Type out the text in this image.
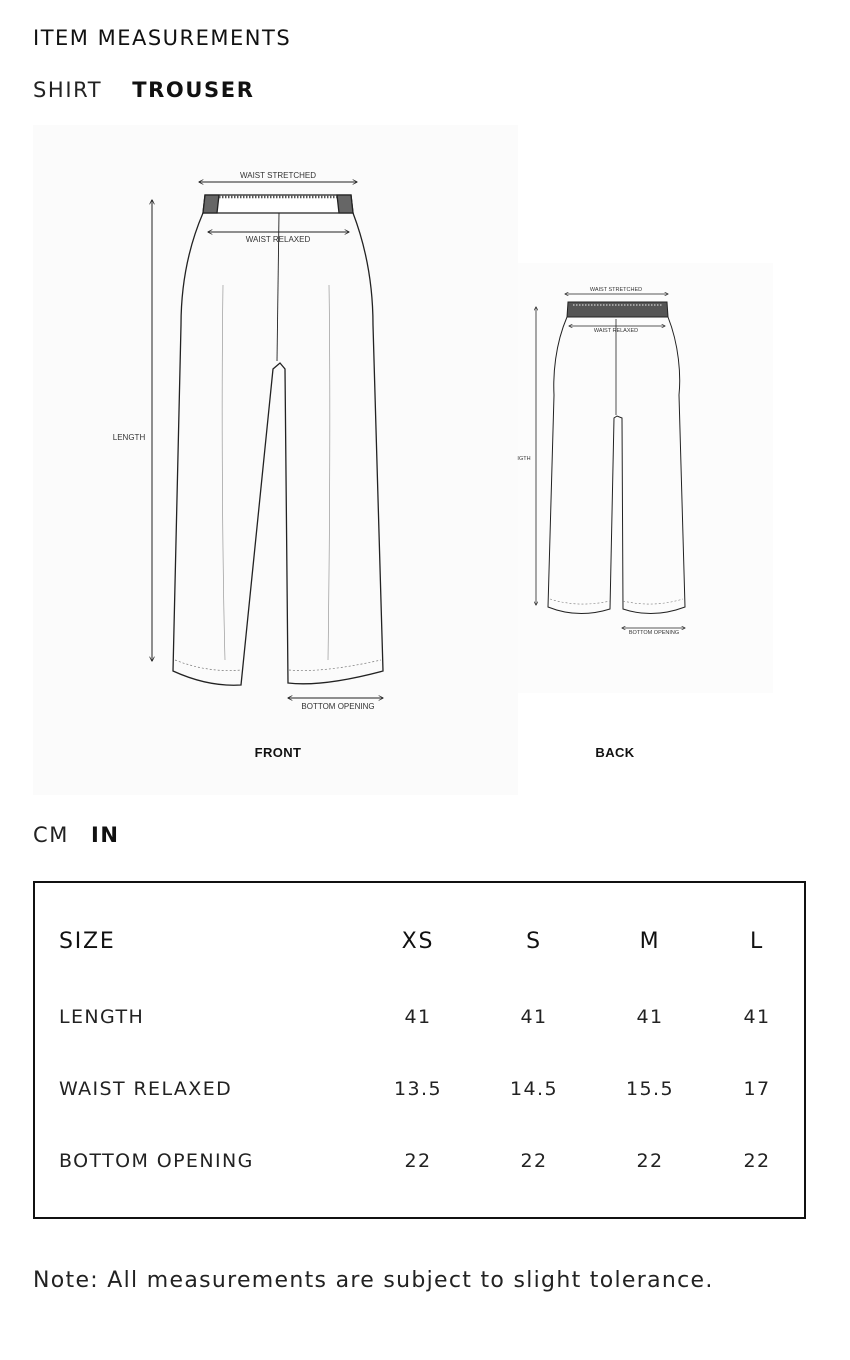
ITEM MEASUREMENTS
SHIRT TROUSER
WAIST STRETCHED
WAIST RELAXED
LENGTH
BOTTOM OPENING
FRONT
WAIST STRETCHED
WAIST RELAXED
IGTH
BOTTOM OPENING
BACK
CM IN
SIZE	XS	S	M	L
LENGTH	41	41	41	41
WAIST RELAXED	13.5	14.5	15.5	17
BOTTOM OPENING	22	22	22	22

Note: All measurements are subject to slight tolerance.
